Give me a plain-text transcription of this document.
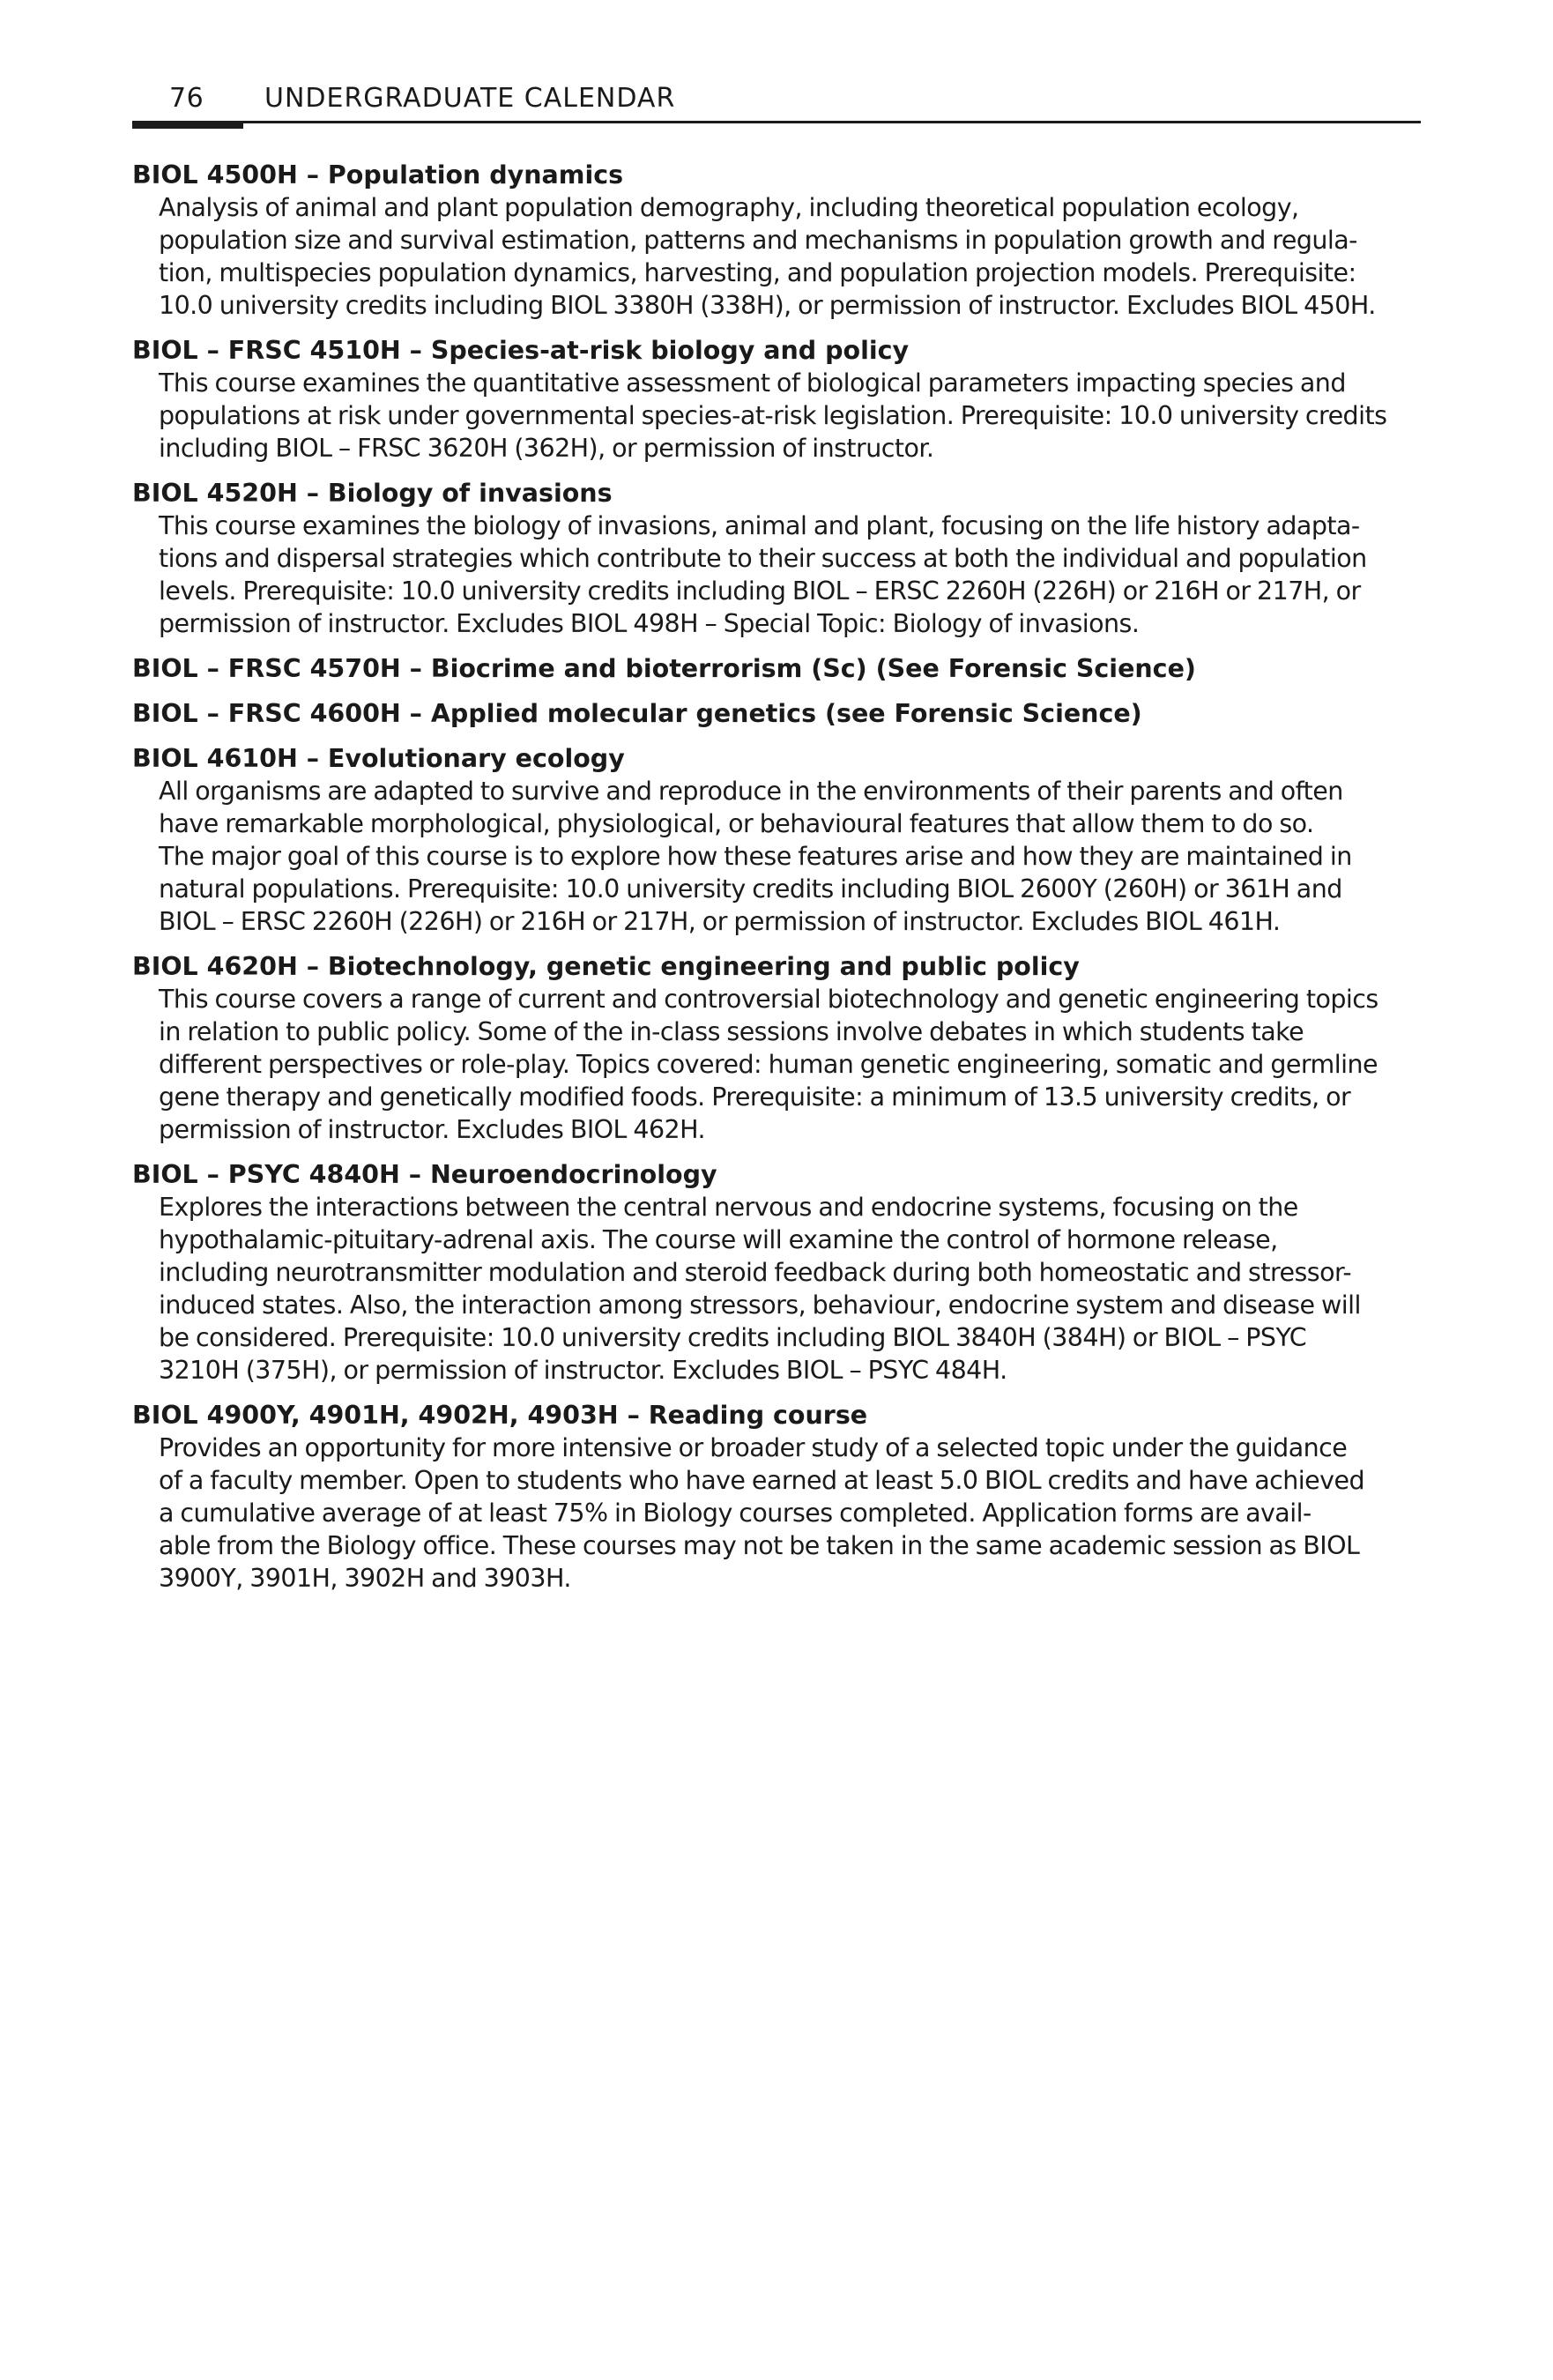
76 UNDERGRADUATE CALENDAR

BIOL 4500H – Population dynamics

Analysis of animal and plant population demography, including theoretical population ecology,
population size and survival estimation, patterns and mechanisms in population growth and regula-
tion, multispecies population dynamics, harvesting, and population projection models. Prerequisite:
10.0 university credits including BIOL 3380H (338H), or permission of instructor. Excludes BIOL 450H.

BIOL – FRSC 4510H – Species-at-risk biology and policy

This course examines the quantitative assessment of biological parameters impacting species and
populations at risk under governmental species-at-risk legislation. Prerequisite: 10.0 university credits
including BIOL – FRSC 3620H (362H), or permission of instructor.

BIOL 4520H – Biology of invasions

This course examines the biology of invasions, animal and plant, focusing on the life history adapta-
tions and dispersal strategies which contribute to their success at both the individual and population
levels. Prerequisite: 10.0 university credits including BIOL – ERSC 2260H (226H) or 216H or 217H, or
permission of instructor. Excludes BIOL 498H – Special Topic: Biology of invasions.

BIOL – FRSC 4570H – Biocrime and bioterrorism (Sc) (See Forensic Science)

BIOL – FRSC 4600H – Applied molecular genetics (see Forensic Science)

BIOL 4610H – Evolutionary ecology

All organisms are adapted to survive and reproduce in the environments of their parents and often
have remarkable morphological, physiological, or behavioural features that allow them to do so.
The major goal of this course is to explore how these features arise and how they are maintained in
natural populations. Prerequisite: 10.0 university credits including BIOL 2600Y (260H) or 361H and
BIOL – ERSC 2260H (226H) or 216H or 217H, or permission of instructor. Excludes BIOL 461H.

BIOL 4620H – Biotechnology, genetic engineering and public policy

This course covers a range of current and controversial biotechnology and genetic engineering topics
in relation to public policy. Some of the in-class sessions involve debates in which students take
different perspectives or role-play. Topics covered: human genetic engineering, somatic and germline
gene therapy and genetically modified foods. Prerequisite: a minimum of 13.5 university credits, or
permission of instructor. Excludes BIOL 462H.

BIOL – PSYC 4840H – Neuroendocrinology

Explores the interactions between the central nervous and endocrine systems, focusing on the
hypothalamic-pituitary-adrenal axis. The course will examine the control of hormone release,
including neurotransmitter modulation and steroid feedback during both homeostatic and stressor-
induced states. Also, the interaction among stressors, behaviour, endocrine system and disease will
be considered. Prerequisite: 10.0 university credits including BIOL 3840H (384H) or BIOL – PSYC
3210H (375H), or permission of instructor. Excludes BIOL – PSYC 484H.

BIOL 4900Y, 4901H, 4902H, 4903H – Reading course

Provides an opportunity for more intensive or broader study of a selected topic under the guidance
of a faculty member. Open to students who have earned at least 5.0 BIOL credits and have achieved
a cumulative average of at least 75% in Biology courses completed. Application forms are avail-
able from the Biology office. These courses may not be taken in the same academic session as BIOL
3900Y, 3901H, 3902H and 3903H.
